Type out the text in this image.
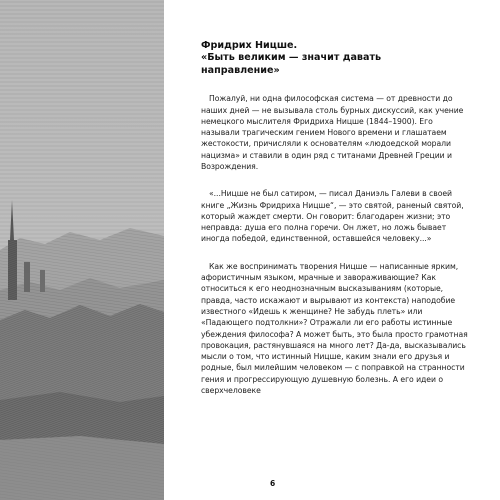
Фридрих Ницше.
«Быть великим — значит давать
направление»

Пожалуй, ни одна философская система — от древности до наших дней — не вызывала столь бурных дискуссий, как учение немецкого мыслителя Фридриха Ницше (1844–1900). Его называли трагическим гением Нового времени и глашатаем жестокости, причисляли к основателям «людоедской морали нацизма» и ставили в один ряд с титанами Древней Греции и Возрождения.

«...Ницше не был сатиром, — писал Даниэль Галеви в своей книге „Жизнь Фридриха Ницше“, — это святой, раненый святой, который жаждет смерти. Он говорит: благодарен жизни; это неправда: душа его полна горечи. Он лжет, но ложь бывает иногда победой, единственной, оставшейся человеку...»

Как же воспринимать творения Ницше — написанные ярким, афористичным языком, мрачные и завораживающие? Как относиться к его неоднозначным высказываниям (которые, правда, часто искажают и вырывают из контекста) наподобие известного «Идешь к женщине? Не забудь плеть» или «Падающего подтолкни»? Отражали ли его работы истинные убеждения философа? А может быть, это была просто грамотная провокация, растянувшаяся на много лет? Да-да, высказывались мысли о том, что истинный Ницше, каким знали его друзья и родные, был милейшим человеком — с поправкой на странности гения и прогрессирующую душевную болезнь. А его идеи о сверхчеловеке

6
